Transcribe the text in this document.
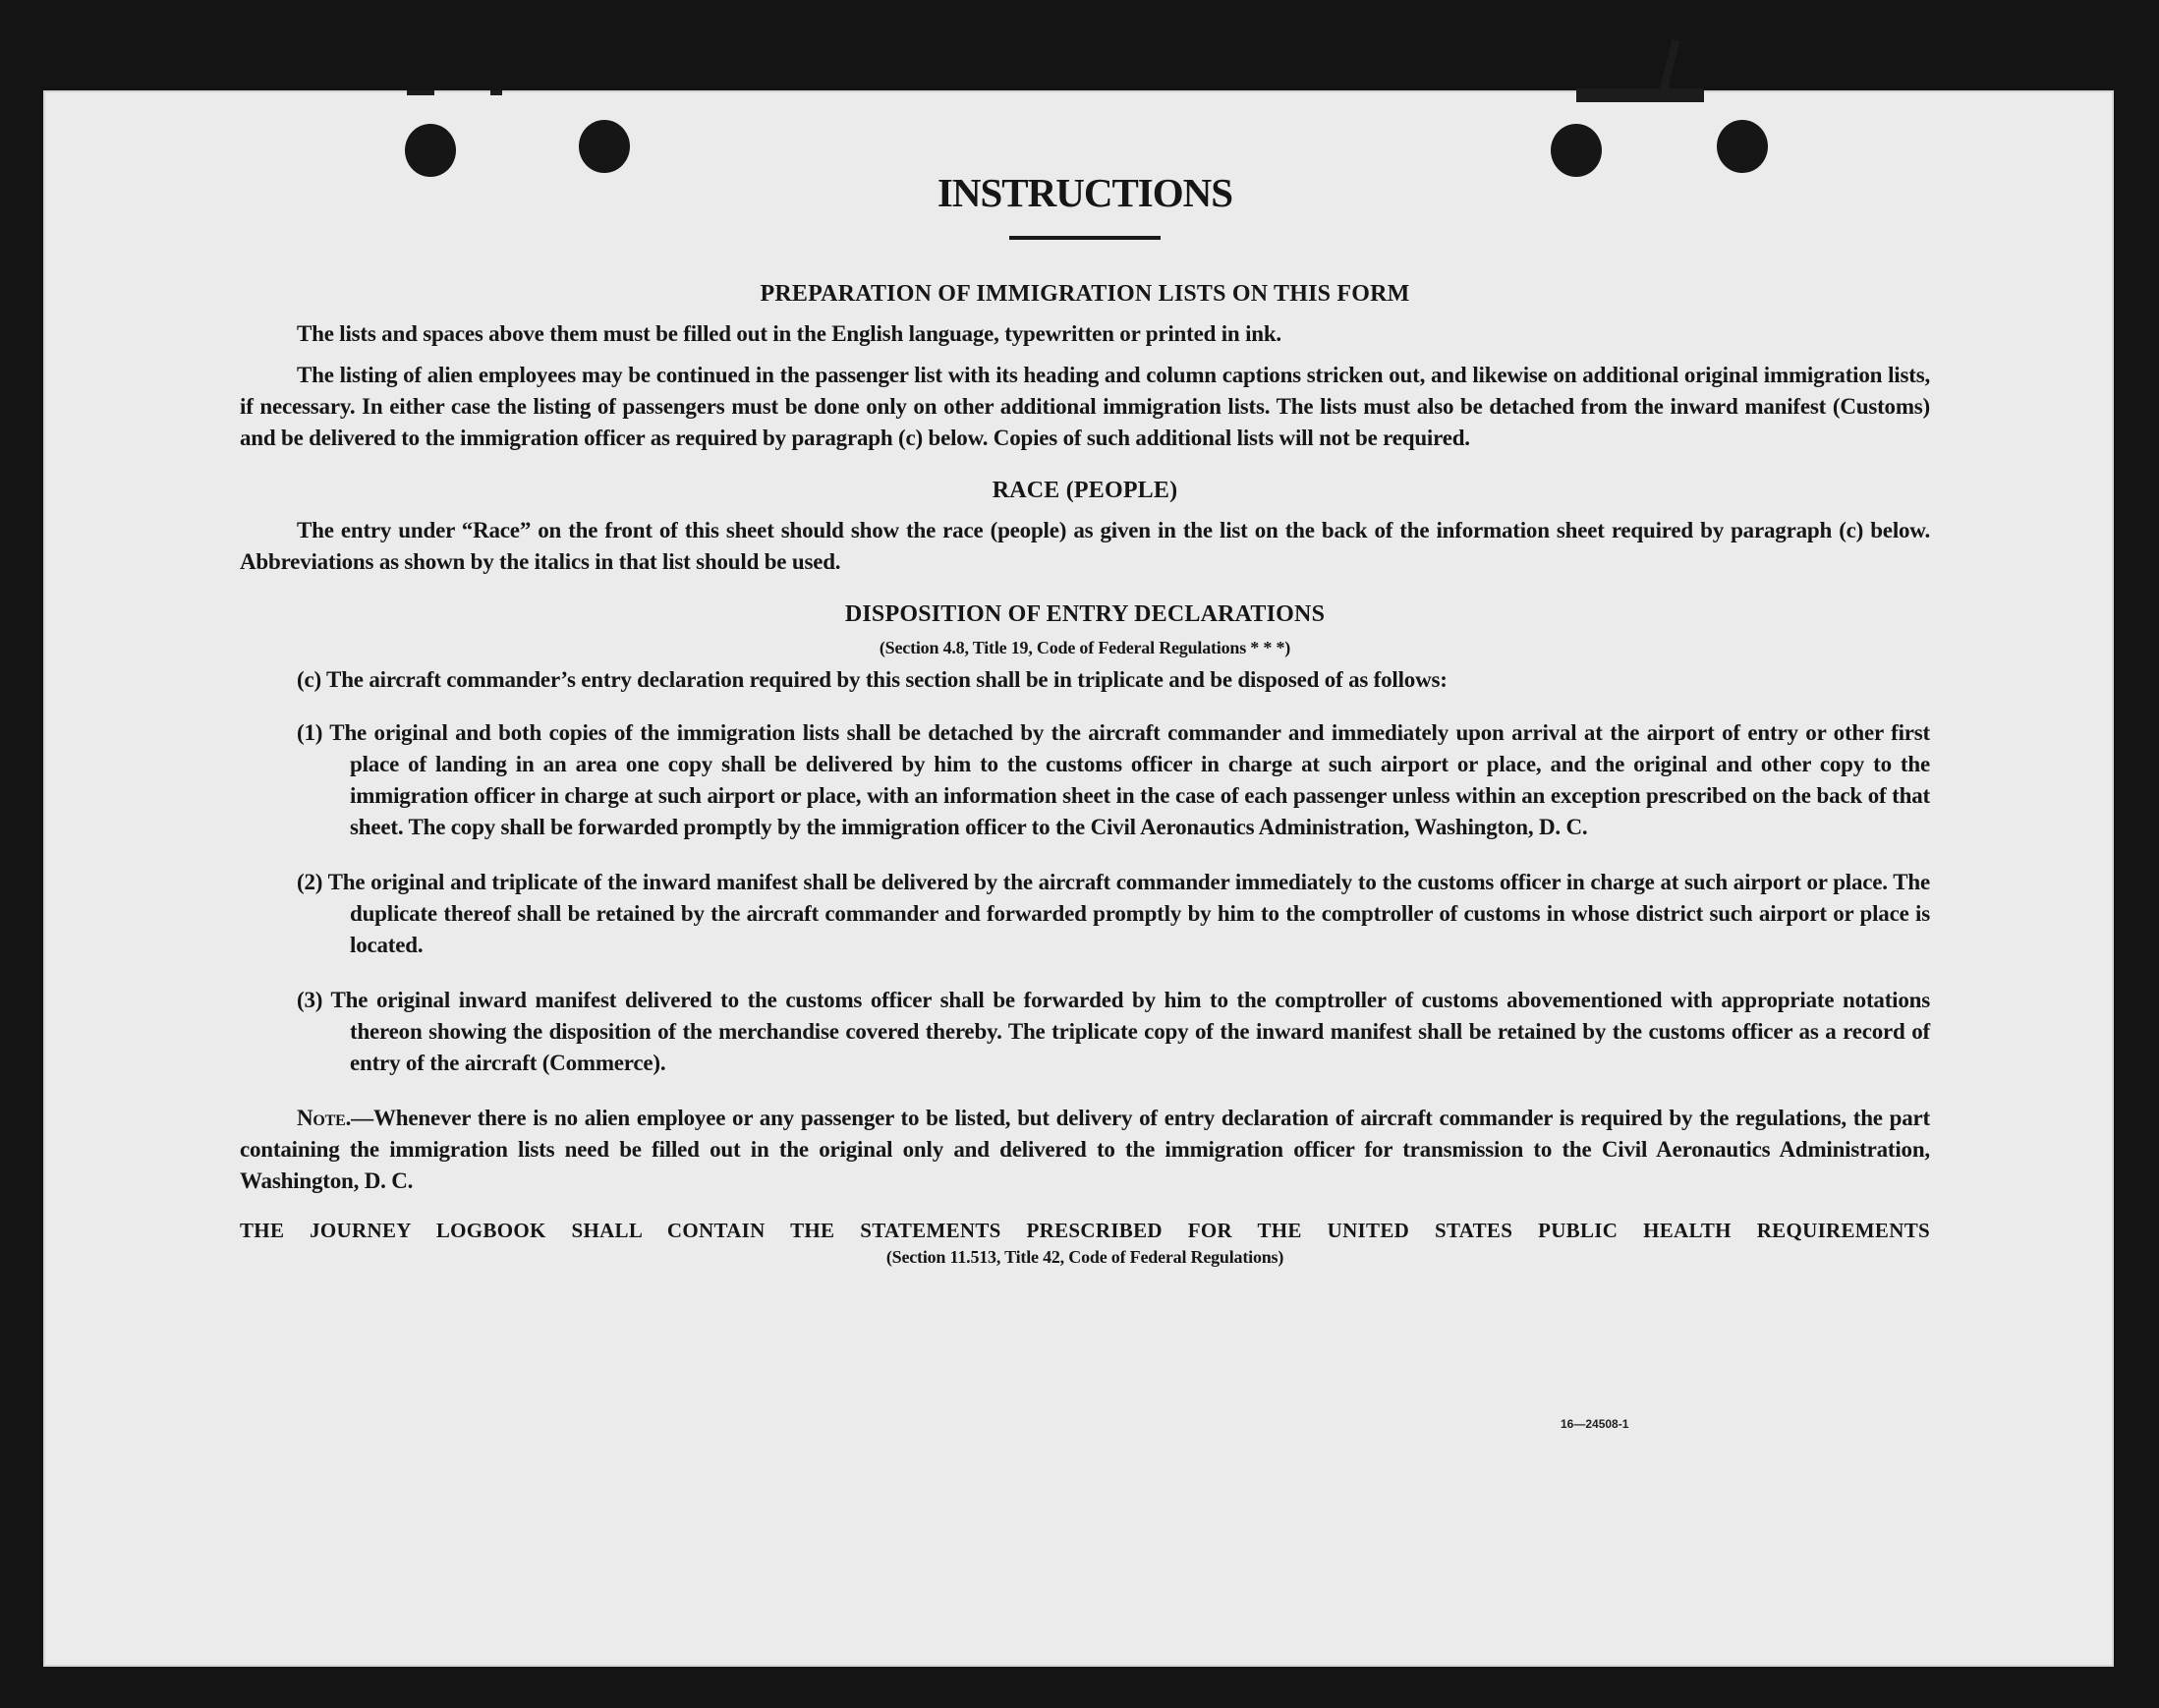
INSTRUCTIONS
PREPARATION OF IMMIGRATION LISTS ON THIS FORM

The lists and spaces above them must be filled out in the English language, typewritten or printed in ink.

The listing of alien employees may be continued in the passenger list with its heading and column captions stricken out, and likewise on additional original immigration lists, if necessary. In either case the listing of passengers must be done only on other additional immigration lists. The lists must also be detached from the inward manifest (Customs) and be delivered to the immigration officer as required by paragraph (c) below. Copies of such additional lists will not be required.

RACE (PEOPLE)

The entry under “Race” on the front of this sheet should show the race (people) as given in the list on the back of the information sheet required by paragraph (c) below. Abbreviations as shown by the italics in that list should be used.

DISPOSITION OF ENTRY DECLARATIONS
(Section 4.8, Title 19, Code of Federal Regulations * * *)

(c) The aircraft commander’s entry declaration required by this section shall be in triplicate and be disposed of as follows:

(1) The original and both copies of the immigration lists shall be detached by the aircraft commander and immediately upon arrival at the airport of entry or other first place of landing in an area one copy shall be delivered by him to the customs officer in charge at such airport or place, and the original and other copy to the immigration officer in charge at such airport or place, with an information sheet in the case of each passenger unless within an exception prescribed on the back of that sheet. The copy shall be forwarded promptly by the immigration officer to the Civil Aeronautics Administration, Washington, D. C.

(2) The original and triplicate of the inward manifest shall be delivered by the aircraft commander immediately to the customs officer in charge at such airport or place. The duplicate thereof shall be retained by the aircraft commander and forwarded promptly by him to the comptroller of customs in whose district such airport or place is located.

(3) The original inward manifest delivered to the customs officer shall be forwarded by him to the comptroller of customs abovementioned with appropriate notations thereon showing the disposition of the merchandise covered thereby. The triplicate copy of the inward manifest shall be retained by the customs officer as a record of entry of the aircraft (Commerce).

Note.—Whenever there is no alien employee or any passenger to be listed, but delivery of entry declaration of aircraft commander is required by the regulations, the part containing the immigration lists need be filled out in the original only and delivered to the immigration officer for transmission to the Civil Aeronautics Administration, Washington, D. C.

THE JOURNEY LOGBOOK SHALL CONTAIN THE STATEMENTS PRESCRIBED FOR THE UNITED STATES PUBLIC HEALTH REQUIREMENTS

(Section 11.513, Title 42, Code of Federal Regulations)

16—24508-1
